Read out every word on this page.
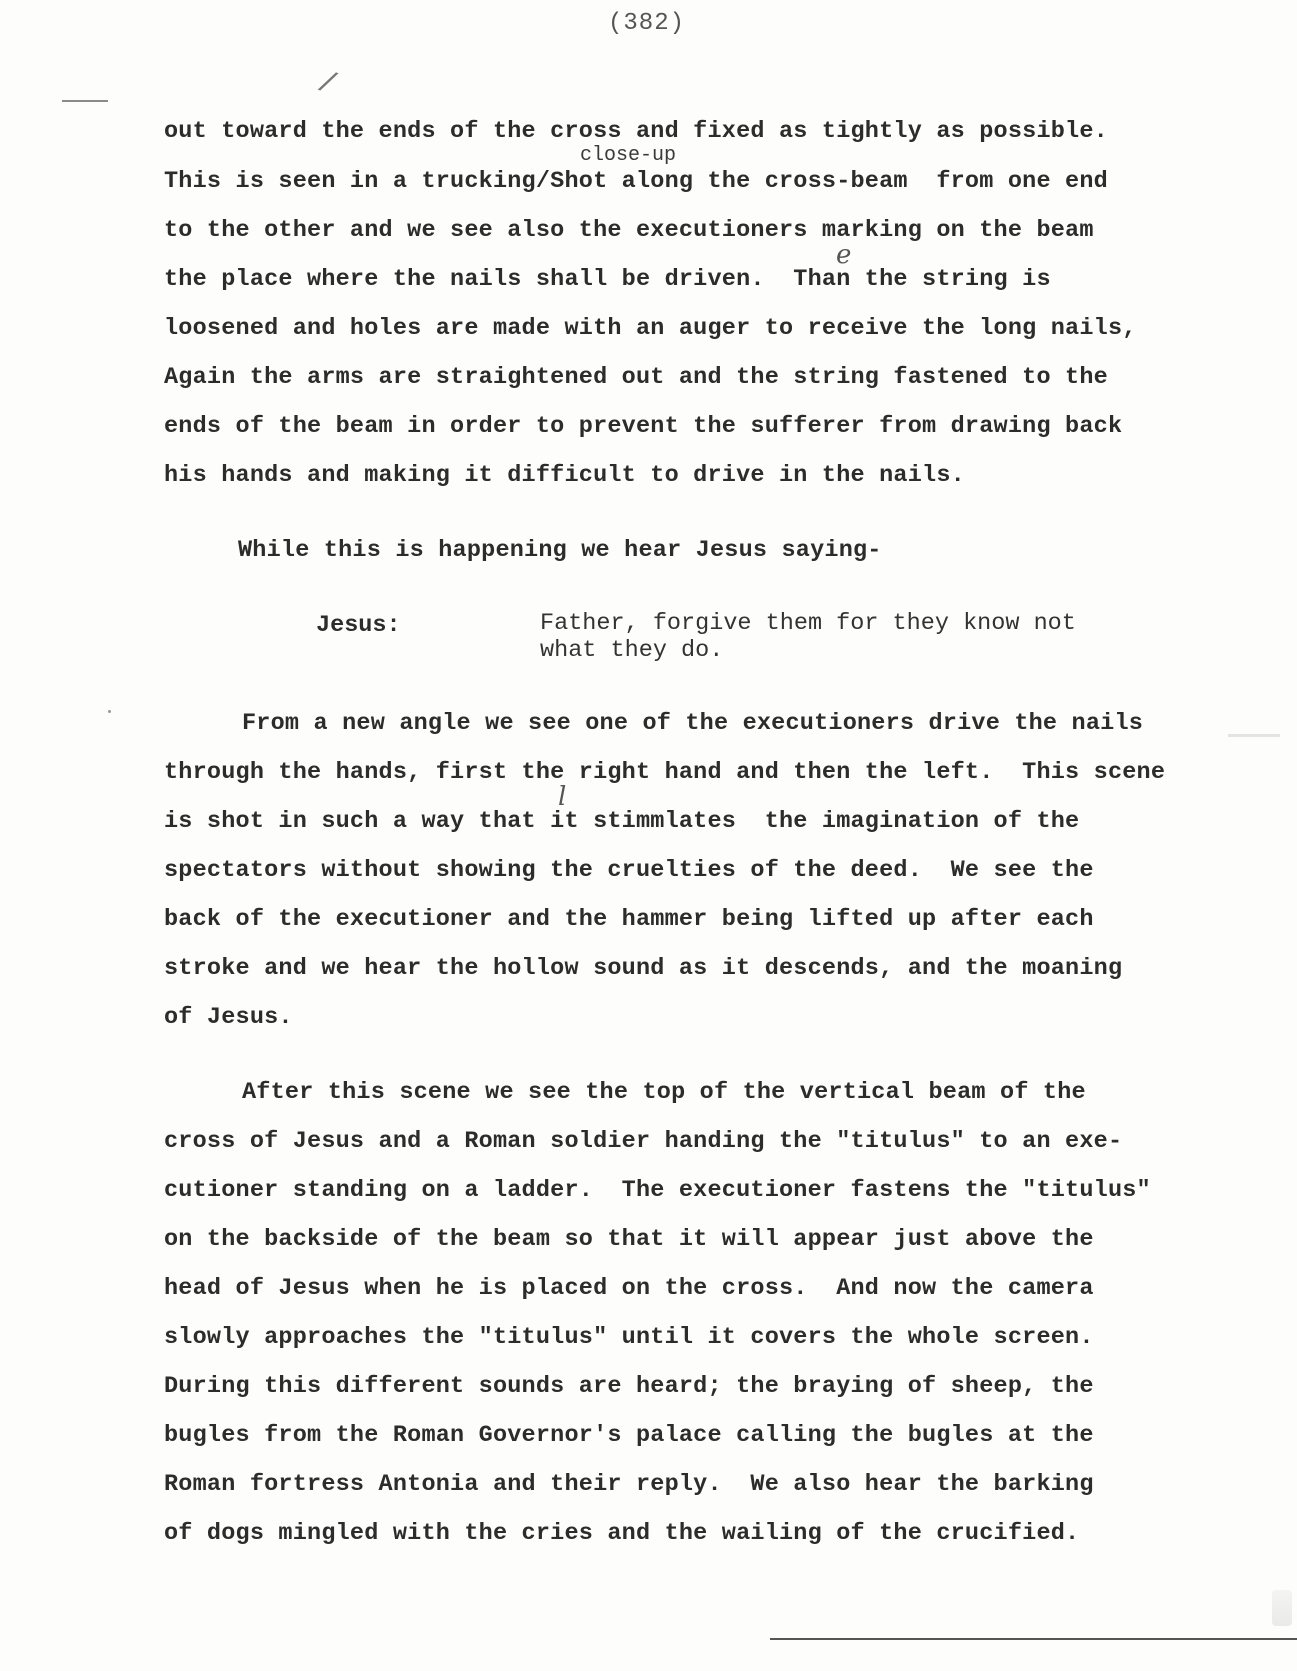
(382)
/
out toward the ends of the cross and fixed as tightly as possible.
close-up
This is seen in a trucking/Shot along the cross-beam  from one end
to the other and we see also the executioners marking on the beam
e
the place where the nails shall be driven.  Than the string is
loosened and holes are made with an auger to receive the long nails,
Again the arms are straightened out and the string fastened to the
ends of the beam in order to prevent the sufferer from drawing back
his hands and making it difficult to drive in the nails.
While this is happening we hear Jesus saying-
Jesus:	Father, forgive them for they know not
what they do.
From a new angle we see one of the executioners drive the nails
through the hands, first the right hand and then the left.  This scene
l
is shot in such a way that it stimmlates  the imagination of the
spectators without showing the cruelties of the deed.  We see the
back of the executioner and the hammer being lifted up after each
stroke and we hear the hollow sound as it descends, and the moaning
of Jesus.
After this scene we see the top of the vertical beam of the
cross of Jesus and a Roman soldier handing the "titulus" to an exe-
cutioner standing on a ladder.  The executioner fastens the "titulus"
on the backside of the beam so that it will appear just above the
head of Jesus when he is placed on the cross.  And now the camera
slowly approaches the "titulus" until it covers the whole screen.
During this different sounds are heard; the braying of sheep, the
bugles from the Roman Governor's palace calling the bugles at the
Roman fortress Antonia and their reply.  We also hear the barking
of dogs mingled with the cries and the wailing of the crucified.
